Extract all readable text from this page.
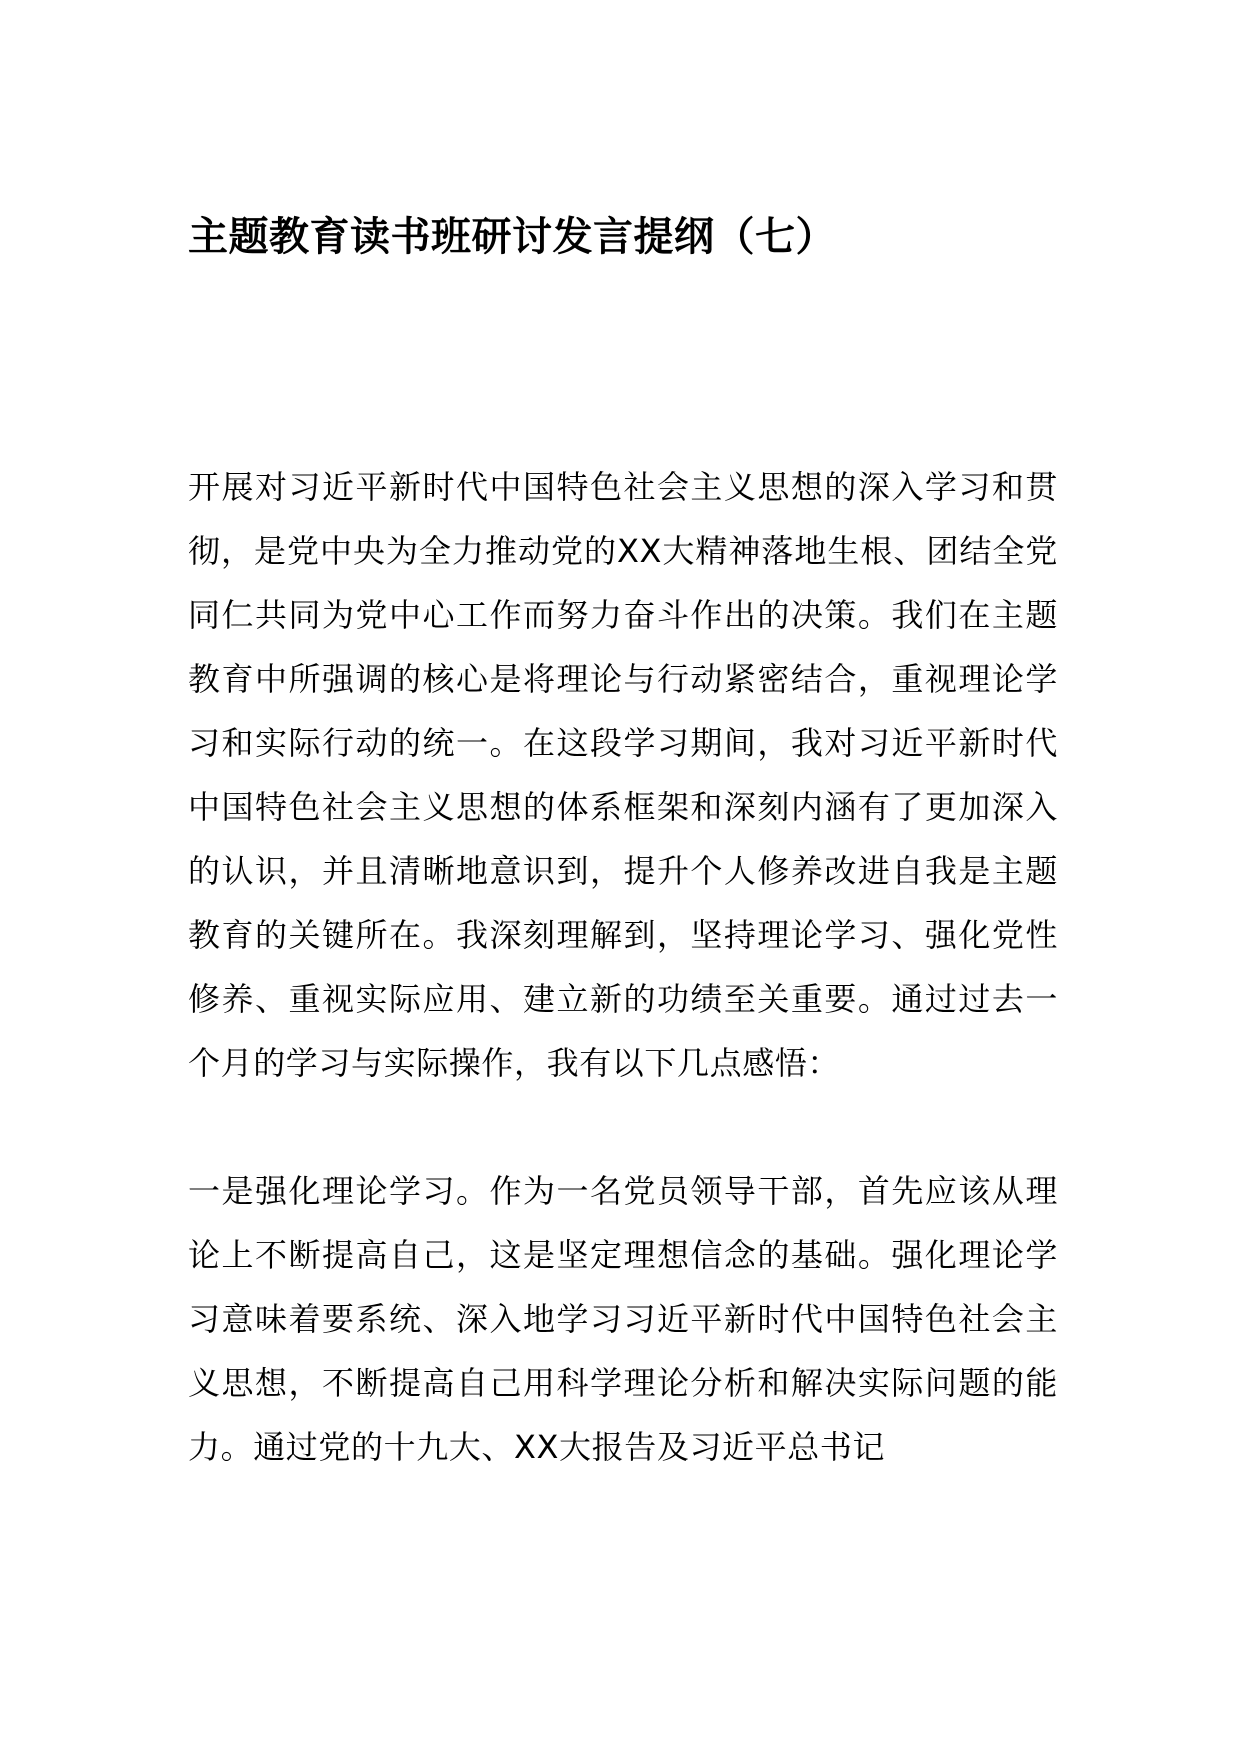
主题教育读书班研讨发言提纲（七）

开展对习近平新时代中国特色社会主义思想的深入学习和贯彻，是党中央为全力推动党的XX大精神落地生根、团结全党同仁共同为党中心工作而努力奋斗作出的决策。我们在主题教育中所强调的核心是将理论与行动紧密结合，重视理论学习和实际行动的统一。在这段学习期间，我对习近平新时代中国特色社会主义思想的体系框架和深刻内涵有了更加深入的认识，并且清晰地意识到，提升个人修养改进自我是主题教育的关键所在。我深刻理解到，坚持理论学习、强化党性修养、重视实际应用、建立新的功绩至关重要。通过过去一个月的学习与实际操作，我有以下几点感悟：

一是强化理论学习。作为一名党员领导干部，首先应该从理论上不断提高自己，这是坚定理想信念的基础。强化理论学习意味着要系统、深入地学习习近平新时代中国特色社会主义思想，不断提高自己用科学理论分析和解决实际问题的能力。通过党的十九大、XX大报告及习近平总书记
